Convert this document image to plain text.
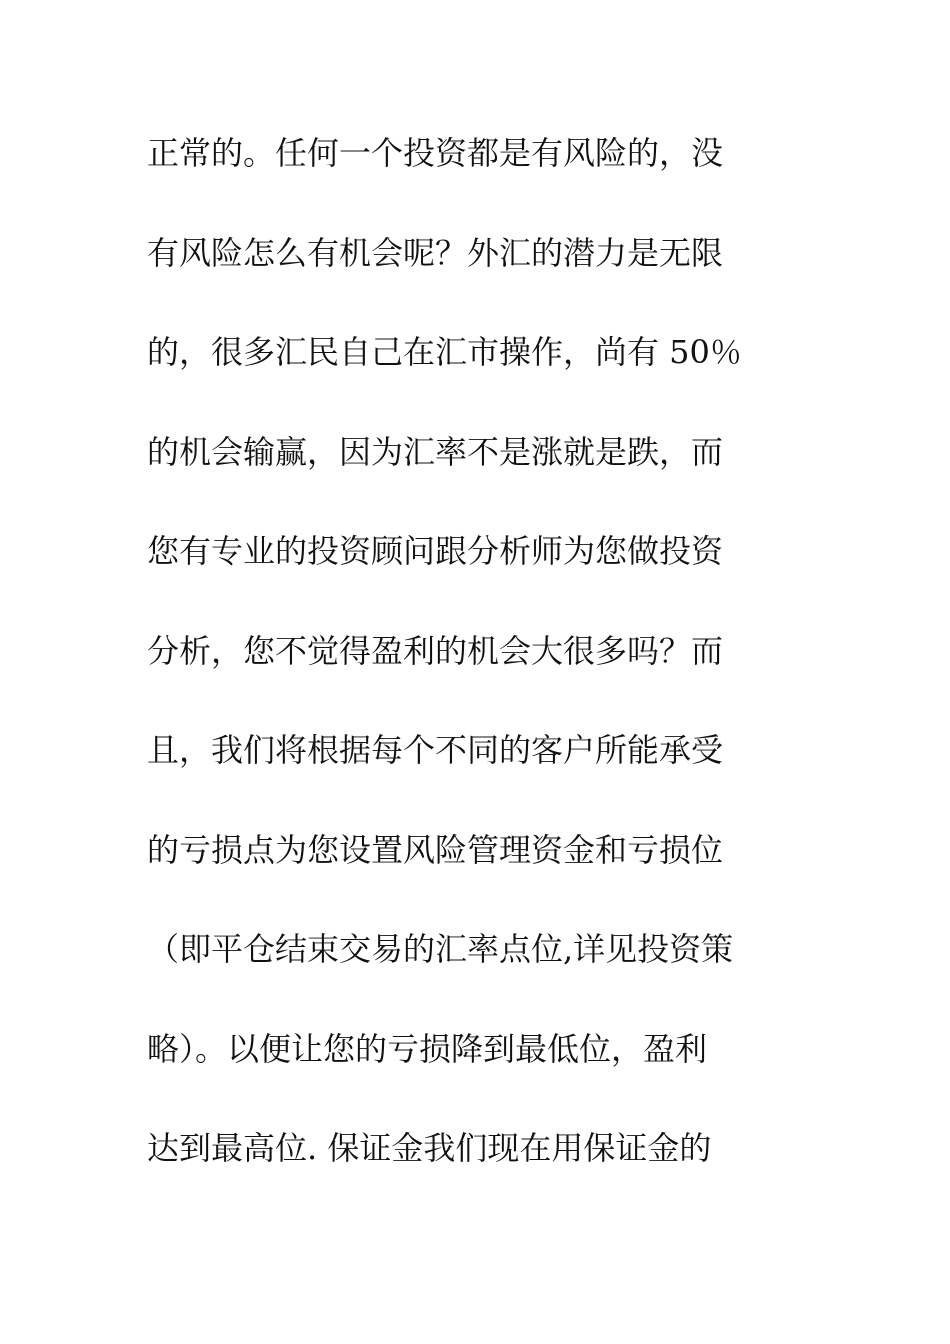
正常的。任何一个投资都是有风险的，没
有风险怎么有机会呢？外汇的潜力是无限
的，很多汇民自己在汇市操作，尚有 50％
的机会输赢，因为汇率不是涨就是跌，而
您有专业的投资顾问跟分析师为您做投资
分析，您不觉得盈利的机会大很多吗？而
且，我们将根据每个不同的客户所能承受
的亏损点为您设置风险管理资金和亏损位
（即平仓结束交易的汇率点位,详见投资策
略）。以便让您的亏损降到最低位，盈利
达到最高位. 保证金我们现在用保证金的
